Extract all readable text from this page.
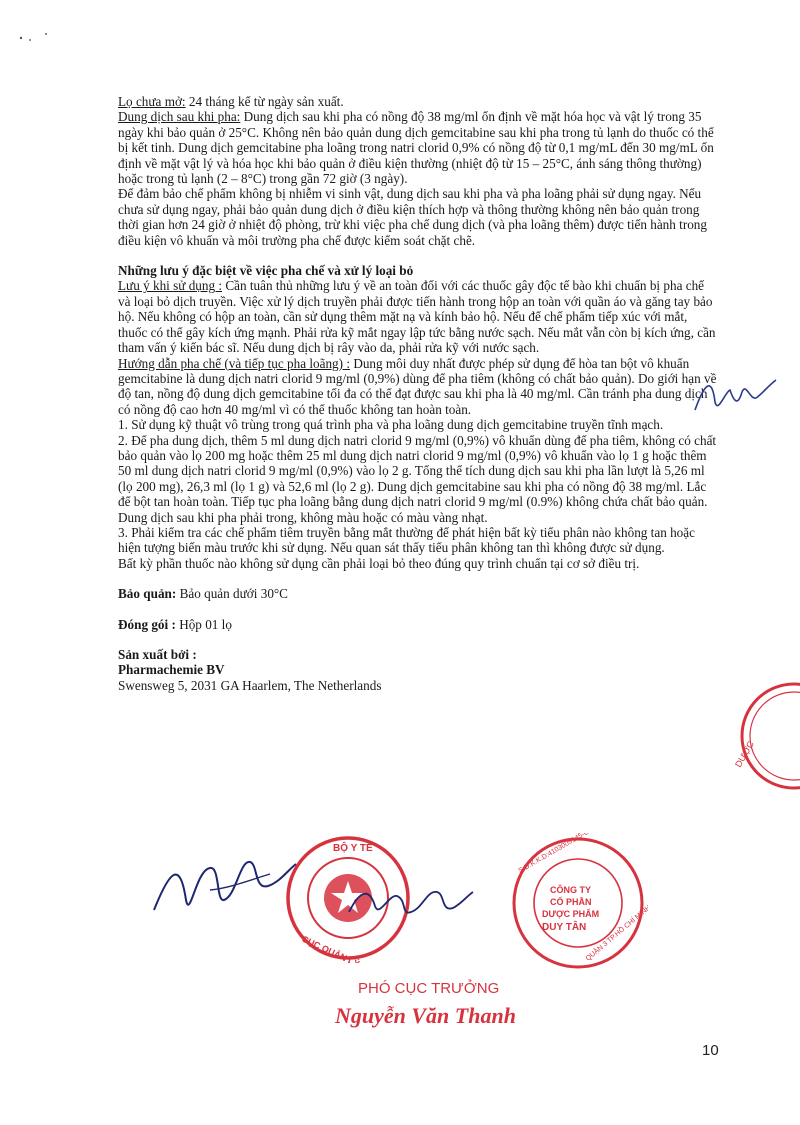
Lọ chưa mở: 24 tháng kể từ ngày sản xuất.

Dung dịch sau khi pha: Dung dịch sau khi pha có nồng độ 38 mg/ml ổn định về mặt hóa học và vật lý trong 35 ngày khi bảo quản ở 25°C. Không nên bảo quản dung dịch gemcitabine sau khi pha trong tủ lạnh do thuốc có thể bị kết tinh. Dung dịch gemcitabine pha loãng trong natri clorid 0,9% có nồng độ từ 0,1 mg/mL đến 30 mg/mL ổn định về mặt vật lý và hóa học khi bảo quản ở điều kiện thường (nhiệt độ từ 15 – 25°C, ánh sáng thông thường) hoặc trong tủ lạnh (2 – 8°C) trong gần 72 giờ (3 ngày).

Để đảm bảo chế phẩm không bị nhiễm vi sinh vật, dung dịch sau khi pha và pha loãng phải sử dụng ngay. Nếu chưa sử dụng ngay, phải bảo quản dung dịch ở điều kiện thích hợp và thông thường không nên bảo quản trong thời gian hơn 24 giờ ở nhiệt độ phòng, trừ khi việc pha chế dung dịch (và pha loãng thêm) được tiến hành trong điều kiện vô khuẩn và môi trường pha chế được kiểm soát chặt chẽ.

Những lưu ý đặc biệt về việc pha chế và xử lý loại bỏ

Lưu ý khi sử dụng : Cần tuân thủ những lưu ý về an toàn đối với các thuốc gây độc tế bào khi chuẩn bị pha chế và loại bỏ dịch truyền. Việc xử lý dịch truyền phải được tiến hành trong hộp an toàn với quần áo và găng tay bảo hộ. Nếu không có hộp an toàn, cần sử dụng thêm mặt nạ và kính bảo hộ. Nếu để chế phẩm tiếp xúc với mắt, thuốc có thể gây kích ứng mạnh. Phải rửa kỹ mắt ngay lập tức bằng nước sạch. Nếu mắt vẫn còn bị kích ứng, cần tham vấn ý kiến bác sĩ. Nếu dung dịch bị rây vào da, phải rửa kỹ với nước sạch.

Hướng dẫn pha chế (và tiếp tục pha loãng) : Dung môi duy nhất được phép sử dụng để hòa tan bột vô khuẩn gemcitabine là dung dịch natri clorid 9 mg/ml (0,9%) dùng để pha tiêm (không có chất bảo quản). Do giới hạn về độ tan, nồng độ dung dịch gemcitabine tối đa có thể đạt được sau khi pha là 40 mg/ml. Cần tránh pha dung dịch có nồng độ cao hơn 40 mg/ml vì có thể thuốc không tan hoàn toàn.

1. Sử dụng kỹ thuật vô trùng trong quá trình pha và pha loãng dung dịch gemcitabine truyền tĩnh mạch.

2. Để pha dung dịch, thêm 5 ml dung dịch natri clorid 9 mg/ml (0,9%) vô khuẩn dùng để pha tiêm, không có chất bảo quản vào lọ 200 mg hoặc thêm 25 ml dung dịch natri clorid 9 mg/ml (0,9%) vô khuẩn vào lọ 1 g hoặc thêm 50 ml dung dịch natri clorid 9 mg/ml (0,9%) vào lọ 2 g. Tổng thể tích dung dịch sau khi pha lần lượt là 5,26 ml (lọ 200 mg), 26,3 ml (lọ 1 g) và 52,6 ml (lọ 2 g). Dung dịch gemcitabine sau khi pha có nồng độ 38 mg/ml. Lắc để bột tan hoàn toàn. Tiếp tục pha loãng bằng dung dịch natri clorid 9 mg/ml (0.9%) không chứa chất bảo quản. Dung dịch sau khi pha phải trong, không màu hoặc có màu vàng nhạt.

3. Phải kiểm tra các chế phẩm tiêm truyền bằng mắt thường để phát hiện bất kỳ tiểu phân nào không tan hoặc hiện tượng biến màu trước khi sử dụng. Nếu quan sát thấy tiểu phân không tan thì không được sử dụng.

Bất kỳ phần thuốc nào không sử dụng cần phải loại bỏ theo đúng quy trình chuẩn tại cơ sở điều trị.

Bảo quản: Bảo quản dưới 30°C

Đóng gói : Hộp 01 lọ

Sản xuất bởi :

Pharmachemie BV

Swensweg 5, 2031 GA Haarlem, The Netherlands

DƯỢC
BỘ Y TẾ
CỤC QUẢN LÝ DƯỢC
CÔNG TY
CỔ PHẦN
DƯỢC PHẨM
DUY TÂN
S.Đ.K.K.D:4103009145-C.T.C.P
QUẬN 3 TP.HỒ CHÍ MINH
PHÓ CỤC TRƯỞNG
Nguyễn Văn Thanh
10
